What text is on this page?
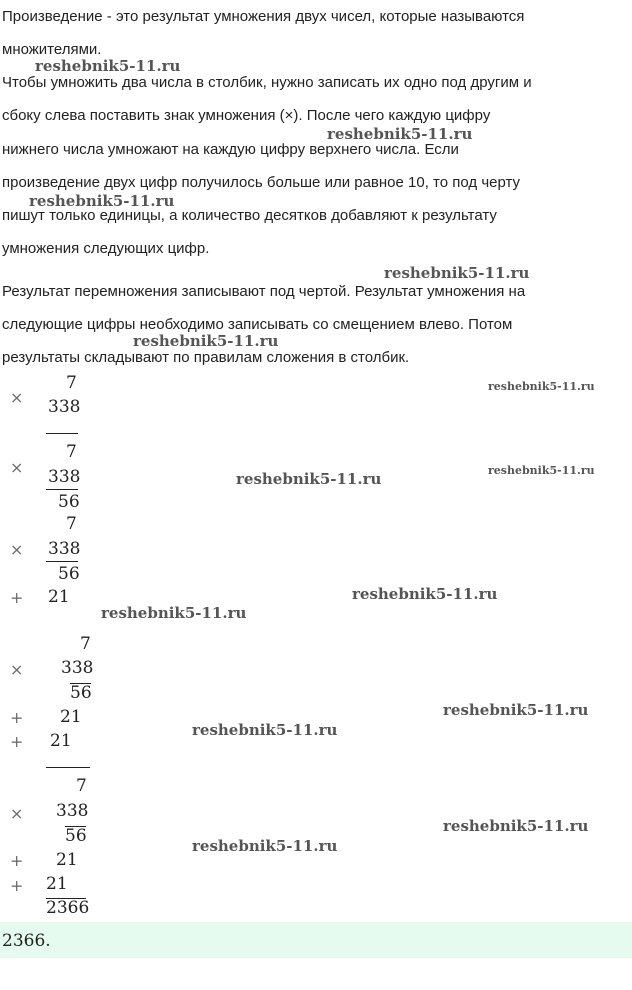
Произведение - это результат умножения двух чисел, которые называются
множителями.
Чтобы умножить два числа в столбик, нужно записать их одно под другим и
сбоку слева поставить знак умножения (×). После чего каждую цифру
нижнего числа умножают на каждую цифру верхнего числа. Если
произведение двух цифр получилось больше или равное 10, то под черту
пишут только единицы, а количество десятков добавляют к результату
умножения следующих цифр.
Результат перемножения записывают под чертой. Результат умножения на
следующие цифры необходимо записывать со смещением влево. Потом
результаты складывают по правилам сложения в столбик.
7
× 338
7
× 338
56
7
× 338
56
+ 21
7
× 338
56
+ 21
+ 21
7
× 338
56
+ 21
+ 21
2366
reshebnik5-11.ru
reshebnik5-11.ru
reshebnik5-11.ru
reshebnik5-11.ru
reshebnik5-11.ru
reshebnik5-11.ru
reshebnik5-11.ru
reshebnik5-11.ru
reshebnik5-11.ru
reshebnik5-11.ru
reshebnik5-11.ru
reshebnik5-11.ru
reshebnik5-11.ru
reshebnik5-11.ru
2366.
